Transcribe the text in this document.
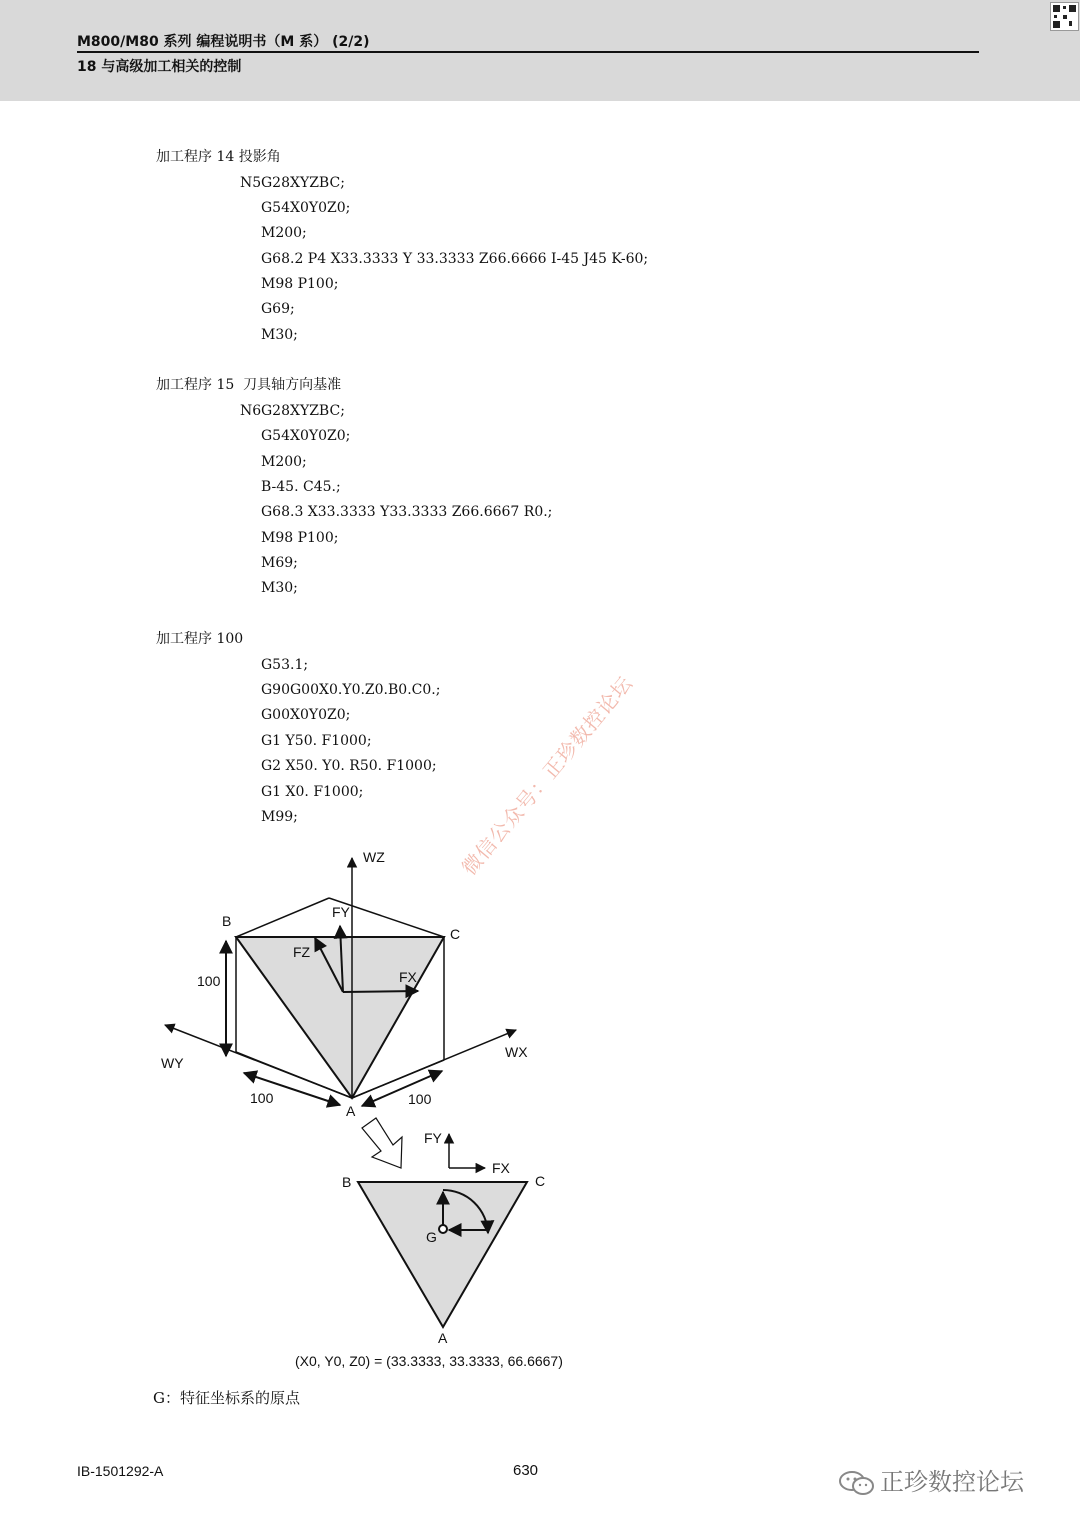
M800/M80 系列 编程说明书（M 系） (2/2)
18 与高级加工相关的控制
加工程序 14 投影角
N5 G28XYZBC;
G54X0Y0Z0;
M200;
G68.2 P4 X33.3333 Y 33.3333 Z66.6666 I-45 J45 K-60;
M98 P100;
G69;
M30;
加工程序 15  刀具轴方向基准
N6 G28XYZBC;
G54X0Y0Z0;
M200;
B-45. C45.;
G68.3 X33.3333 Y33.3333 Z66.6667 R0.;
M98 P100;
M69;
M30;
加工程序 100
G53.1;
G90G00X0.Y0.Z0.B0.C0.;
G00X0Y0Z0;
G1 Y50. F1000;
G2 X50. Y0. R50. F1000;
G1 X0. F1000;
M99;	微信公众号：正珍数控论坛
WZ
B
C
FY
FZ
FX
100
WY
WX
100
A
100
FY
FX
B	C
A
G
(X0, Y0, Z0) = (33.3333, 33.3333, 66.6667)
G：特征坐标系的原点
IB-1501292-A	630	正珍数控论坛
